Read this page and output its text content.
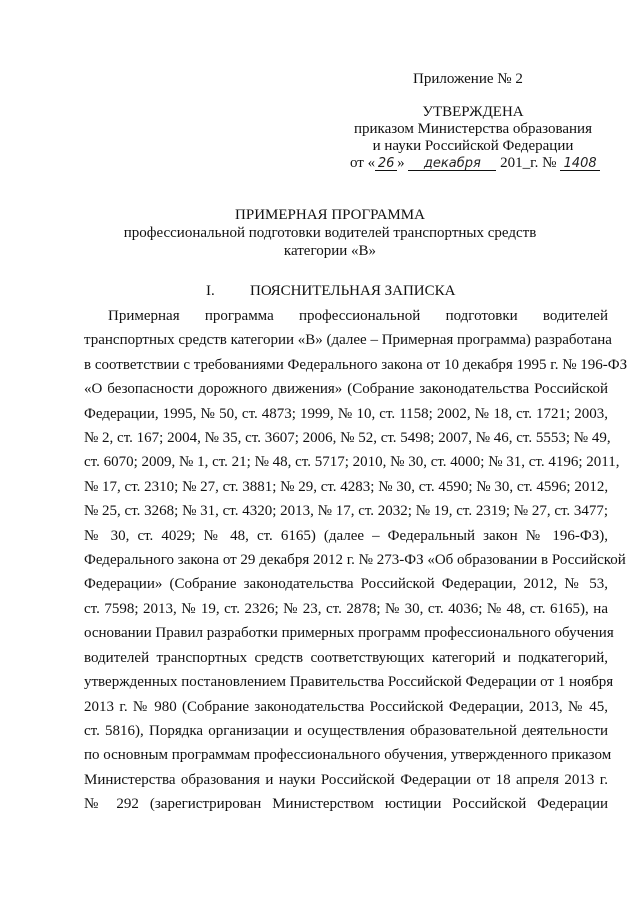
Приложение № 2
УТВЕРЖДЕНА
приказом Министерства образования
и науки Российской Федерации
от « 26 » декабря 201_г. № 1408
ПРИМЕРНАЯ ПРОГРАММА
профессиональной подготовки водителей транспортных средств
категории «В»
I. ПОЯСНИТЕЛЬНАЯ ЗАПИСКА
Примерная программа профессиональной подготовки водителей
транспортных средств категории «В» (далее – Примерная программа) разработана
в соответствии с требованиями Федерального закона от 10 декабря 1995 г. № 196-ФЗ
«О безопасности дорожного движения» (Собрание законодательства Российской
Федерации, 1995, № 50, ст. 4873; 1999, № 10, ст. 1158; 2002, № 18, ст. 1721; 2003,
№ 2, ст. 167; 2004, № 35, ст. 3607; 2006, № 52, ст. 5498; 2007, № 46, ст. 5553; № 49,
ст. 6070; 2009, № 1, ст. 21; № 48, ст. 5717; 2010, № 30, ст. 4000; № 31, ст. 4196; 2011,
№ 17, ст. 2310; № 27, ст. 3881; № 29, ст. 4283; № 30, ст. 4590; № 30, ст. 4596; 2012,
№ 25, ст. 3268; № 31, ст. 4320; 2013, № 17, ст. 2032; № 19, ст. 2319; № 27, ст. 3477;
№ 30, ст. 4029; № 48, ст. 6165) (далее – Федеральный закон № 196-ФЗ),
Федерального закона от 29 декабря 2012 г. № 273-ФЗ «Об образовании в Российской
Федерации» (Собрание законодательства Российской Федерации, 2012, № 53,
ст. 7598; 2013, № 19, ст. 2326; № 23, ст. 2878; № 30, ст. 4036; № 48, ст. 6165), на
основании Правил разработки примерных программ профессионального обучения
водителей транспортных средств соответствующих категорий и подкатегорий,
утвержденных постановлением Правительства Российской Федерации от 1 ноября
2013 г. № 980 (Собрание законодательства Российской Федерации, 2013, № 45,
ст. 5816), Порядка организации и осуществления образовательной деятельности
по основным программам профессионального обучения, утвержденного приказом
Министерства образования и науки Российской Федерации от 18 апреля 2013 г.
№ 292 (зарегистрирован Министерством юстиции Российской Федерации
